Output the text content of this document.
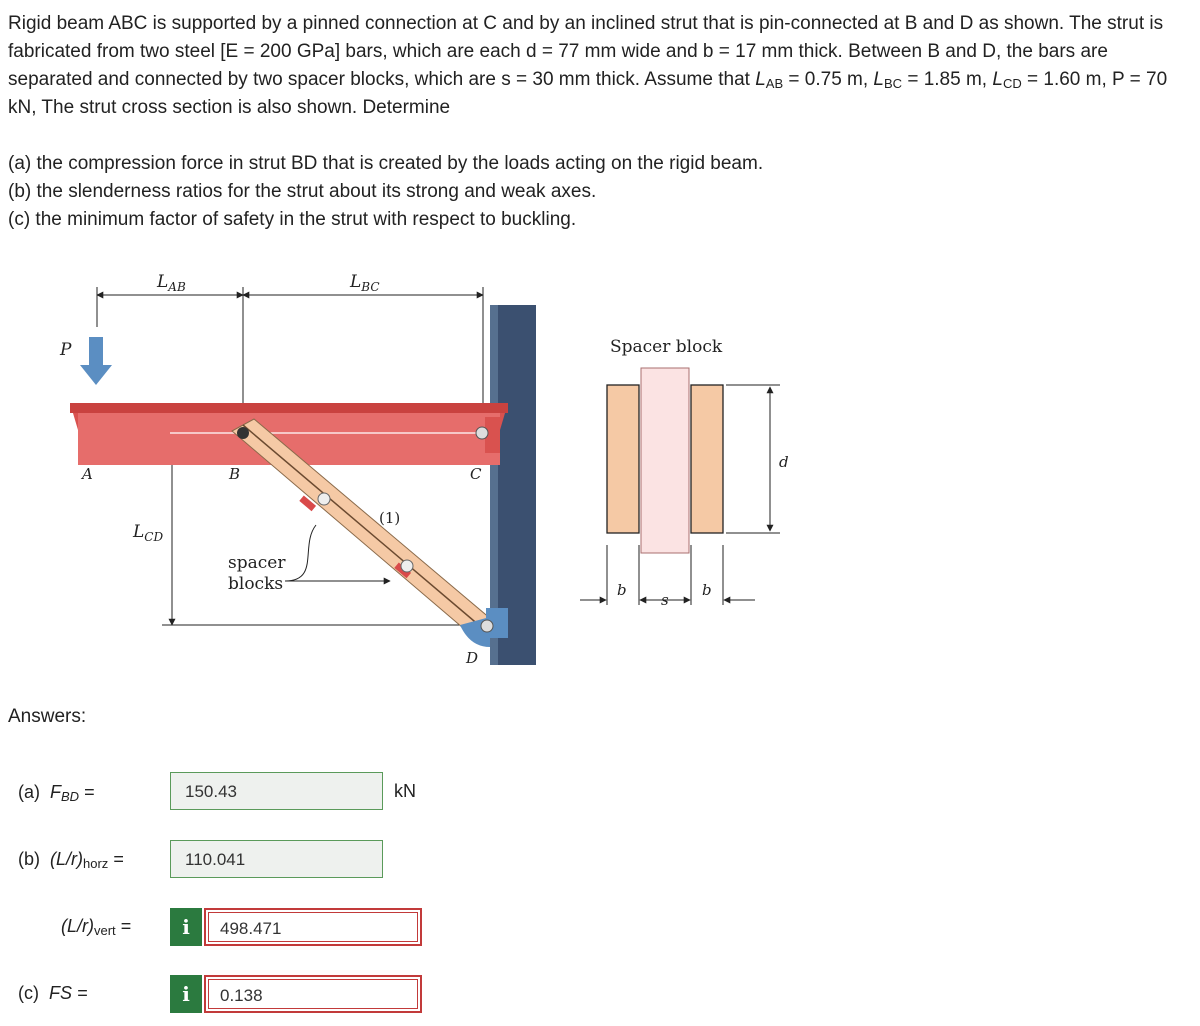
Rigid beam ABC is supported by a pinned connection at C and by an inclined strut that is pin-connected at B and D as shown. The strut is fabricated from two steel [E = 200 GPa] bars, which are each d = 77 mm wide and b = 17 mm thick. Between B and D, the bars are separated and connected by two spacer blocks, which are s = 30 mm thick. Assume that $L_{AB} = 0.75$ m, $L_{BC} = 1.85$ m, $L_{CD} = 1.60$ m, P = 70 kN, The strut cross section is also shown. Determine

(a) the compression force in strut BD that is created by the loads acting on the rigid beam.
(b) the slenderness ratios for the strut about its strong and weak axes.
(c) the minimum factor of safety in the strut with respect to buckling.
$L_{AB}$	$L_{BC}$
$L_{CD}$
P
A	B	C
D
(1)
spacer
blocks
Spacer block
b
s
b
d
Answers:
(a) $F_{BD}$ =	150.43	kN
(b) $(L/r)_{horz}$ =	110.041
$(L/r)_{vert}$ =	i	498.471
(c) FS =	i	0.138
